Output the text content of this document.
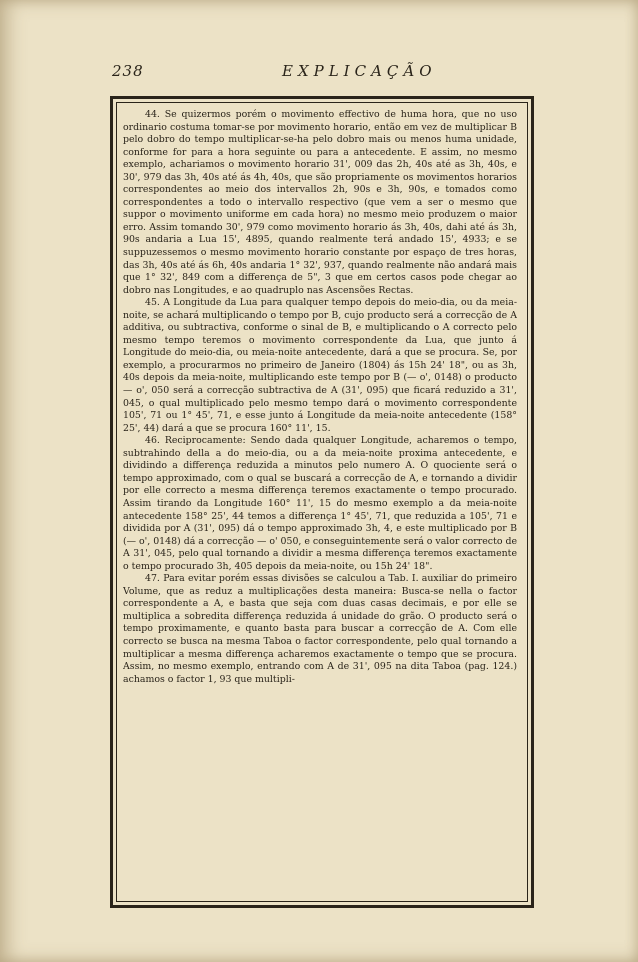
238	EXPLICAÇÃO

44. Se quizermos porém o movimento effectivo de huma hora, que no uso ordinario costuma tomar-se por movimento horario, então em vez de multiplicar B pelo dobro do tempo multiplicar-se-ha pelo dobro mais ou menos huma unidade, conforme for para a hora seguinte ou para a antecedente. E assim, no mesmo exemplo, achariamos o movimento horario 31', 009 das 2h, 40s até as 3h, 40s, e 30', 979 das 3h, 40s até ás 4h, 40s, que são propriamente os movimentos horarios correspondentes ao meio dos intervallos 2h, 90s e 3h, 90s, e tomados como correspondentes a todo o intervallo respectivo (que vem a ser o mesmo que suppor o movimento uniforme em cada hora) no mesmo meio produzem o maior erro. Assim tomando 30', 979 como movimento horario ás 3h, 40s, dahi até ás 3h, 90s andaria a Lua 15', 4895, quando realmente terá andado 15', 4933; e se suppuzessemos o mesmo movimento horario constante por espaço de tres horas, das 3h, 40s até ás 6h, 40s andaria 1° 32', 937, quando realmente não andará mais que 1° 32', 849 com a differença de 5", 3 que em certos casos pode chegar ao dobro nas Longitudes, e ao quadruplo nas Ascensões Rectas.

45. A Longitude da Lua para qualquer tempo depois do meio-dia, ou da meia-noite, se achará multiplicando o tempo por B, cujo producto será a correcção de A additiva, ou subtractiva, conforme o sinal de B, e multiplicando o A correcto pelo mesmo tempo teremos o movimento correspondente da Lua, que junto á Longitude do meio-dia, ou meia-noite antecedente, dará a que se procura. Se, por exemplo, a procurarmos no primeiro de Janeiro (1804) ás 15h 24' 18", ou as 3h, 40s depois da meia-noite, multiplicando este tempo por B (— o', 0148) o producto — o', 050 será a correcção subtractiva de A (31', 095) que ficará reduzido a 31', 045, o qual multiplicado pelo mesmo tempo dará o movimento correspondente 105', 71 ou 1° 45', 71, e esse junto á Longitude da meia-noite antecedente (158° 25', 44) dará a que se procura 160° 11', 15.

46. Reciprocamente: Sendo dada qualquer Longitude, acharemos o tempo, subtrahindo della a do meio-dia, ou a da meia-noite proxima antecedente, e dividindo a differença reduzida a minutos pelo numero A. O quociente será o tempo approximado, com o qual se buscará a correcção de A, e tornando a dividir por elle correcto a mesma differença teremos exactamente o tempo procurado. Assim tirando da Longitude 160° 11', 15 do mesmo exemplo a da meia-noite antecedente 158° 25', 44 temos a differença 1° 45', 71, que reduzida a 105', 71 e dividida por A (31', 095) dá o tempo approximado 3h, 4, e este multiplicado por B (— o', 0148) dá a correcção — o' 050, e conseguintemente será o valor correcto de A 31', 045, pelo qual tornando a dividir a mesma differença teremos exactamente o tempo procurado 3h, 405 depois da meia-noite, ou 15h 24' 18".

47. Para evitar porém essas divisões se calculou a Tab. I. auxiliar do primeiro Volume, que as reduz a multiplicações desta maneira: Busca-se nella o factor correspondente a A, e basta que seja com duas casas decimais, e por elle se multiplica a sobredita differença reduzida á unidade do grão. O producto será o tempo proximamente, e quanto basta para buscar a correcção de A. Com elle correcto se busca na mesma Taboa o factor correspondente, pelo qual tornando a multiplicar a mesma differença acharemos exactamente o tempo que se procura. Assim, no mesmo exemplo, entrando com A de 31', 095 na dita Taboa (pag. 124.) achamos o factor 1, 93 que multipli-
